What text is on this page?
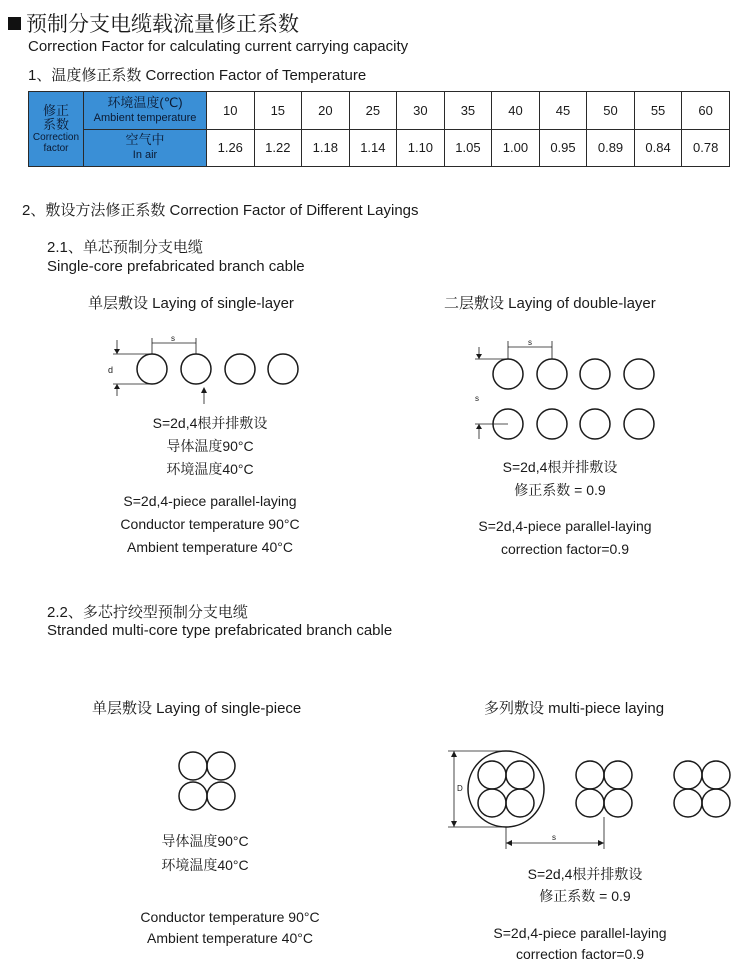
预制分支电缆载流量修正系数
Correction Factor for calculating current carrying capacity
1、温度修正系数 Correction Factor of Temperature
修正系数
Correction factor	环境温度(℃)
Ambient temperature	10	15	20	25	30	35	40	45	50	55	60

	空气中
In air	1.26	1.22	1.18	1.14	1.10	1.05	1.00	0.95	0.89	0.84	0.78
2、敷设方法修正系数 Correction Factor of Different Layings
2.1、单芯预制分支电缆
Single-core prefabricated branch cable
单层敷设 Laying of single-layer	二层敷设 Laying of double-layer
s
d
S=2d,4根并排敷设
导体温度90°C
环境温度40°C
S=2d,4-piece parallel-laying
Conductor temperature 90°C
Ambient temperature 40°C
s
s
S=2d,4根并排敷设
修正系数 = 0.9
S=2d,4-piece parallel-laying
correction factor=0.9
2.2、多芯拧绞型预制分支电缆
Stranded multi-core type prefabricated branch cable
单层敷设 Laying of single-piece	多列敷设 multi-piece laying
导体温度90°C
环境温度40°C
Conductor temperature 90°C
Ambient temperature 40°C
D
s
S=2d,4根并排敷设
修正系数 = 0.9
S=2d,4-piece parallel-laying
correction factor=0.9
